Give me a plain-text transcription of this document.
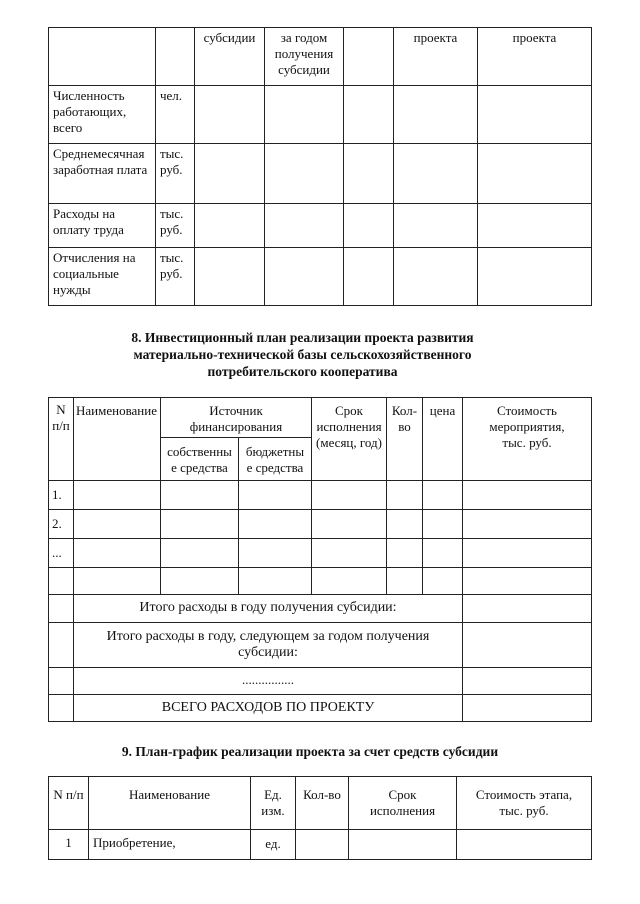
		субсидии	за годом получения субсидии		проекта	проекта
Численность работающих, всего	чел.					
Среднемесячная заработная плата	тыс. руб.					
Расходы на оплату труда	тыс. руб.					
Отчисления на социальные нужды	тыс. руб.					
8. Инвестиционный план реализации проекта развития материально-технической базы сельскохозяйственного потребительского кооператива
N п/п	Наименование	Источник финансирования		Срок исполнения (месяц, год)	Кол-во	цена	Стоимость мероприятия, тыс. руб.
		собственны е средства	бюджетны е средства				
1.							
2.							
...							

	Итого расходы в году получения субсидии:						
	Итого расходы в году, следующем за годом получения субсидии:						
	................						
	ВСЕГО РАСХОДОВ ПО ПРОЕКТУ						
9. План-график реализации проекта за счет средств субсидии
N п/п	Наименование	Ед. изм.	Кол-во	Срок исполнения	Стоимость этапа, тыс. руб.
1	Приобретение,	ед.			
